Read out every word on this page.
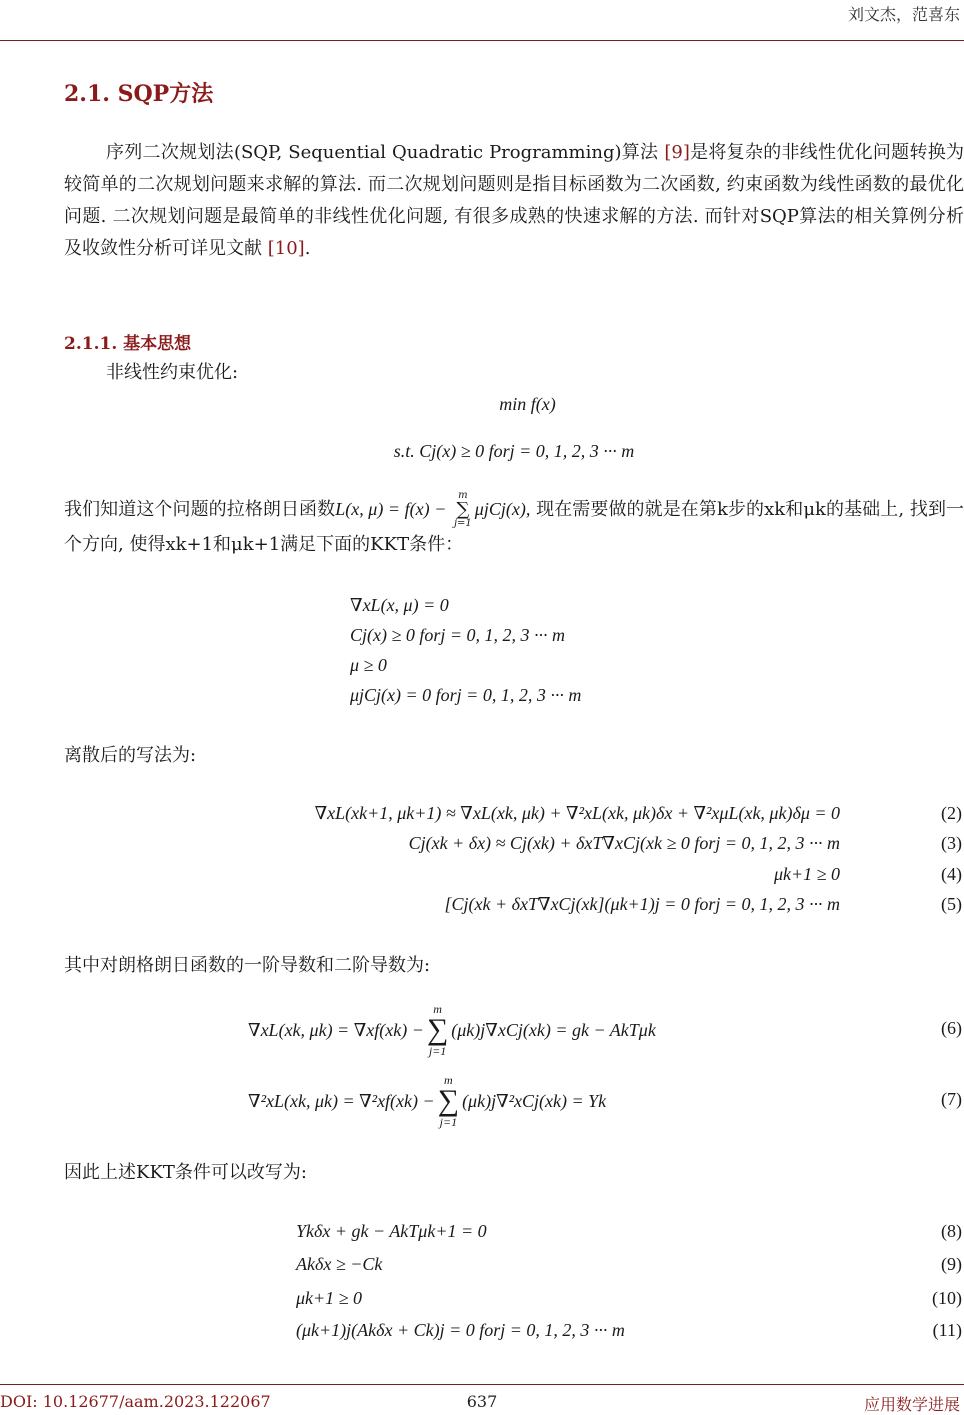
刘文杰，范喜东
2.1. SQP方法
序列二次规划法(SQP, Sequential Quadratic Programming)算法 [9]是将复杂的非线性优化问题转换为较简单的二次规划问题来求解的算法. 而二次规划问题则是指目标函数为二次函数, 约束函数为线性函数的最优化问题. 二次规划问题是最简单的非线性优化问题, 有很多成熟的快速求解的方法. 而针对SQP算法的相关算例分析及收敛性分析可详见文献 [10].
2.1.1. 基本思想
非线性约束优化:
min f(x)
s.t. Cj(x) ≥ 0 forj = 0, 1, 2, 3 ··· m
我们知道这个问题的拉格朗日函数L(x, μ) = f(x) −
m
∑
j=1
μjCj(x), 现在需要做的就是在第k步的xk和μk的基础上, 找到一个方向, 使得xk+1和μk+1满足下面的KKT条件：
∇xL(x, μ) = 0
Cj(x) ≥ 0 forj = 0, 1, 2, 3 ··· m
μ ≥ 0
μjCj(x) = 0 forj = 0, 1, 2, 3 ··· m
离散后的写法为:
∇xL(xk+1, μk+1) ≈ ∇xL(xk, μk) + ∇²xL(xk, μk)δx + ∇²xμL(xk, μk)δμ = 0	(2)
Cj(xk + δx) ≈ Cj(xk) + δxT∇xCj(xk ≥ 0 forj = 0, 1, 2, 3 ··· m	(3)
μk+1 ≥ 0	(4)
[Cj(xk + δxT∇xCj(xk](μk+1)j = 0 forj = 0, 1, 2, 3 ··· m	(5)
其中对朗格朗日函数的一阶导数和二阶导数为:
∇xL(xk, μk) = ∇xf(xk) −
m
∑
j=1
(μk)j∇xCj(xk) = gk − AkTμk	(6)
∇²xL(xk, μk) = ∇²xf(xk) −
m
∑
j=1
(μk)j∇²xCj(xk) = Yk	(7)
因此上述KKT条件可以改写为:
Ykδx + gk − AkTμk+1 = 0	(8)
Akδx ≥ −Ck	(9)
μk+1 ≥ 0	(10)
(μk+1)j(Akδx + Ck)j = 0 forj = 0, 1, 2, 3 ··· m	(11)
DOI: 10.12677/aam.2023.122067	637	应用数学进展
